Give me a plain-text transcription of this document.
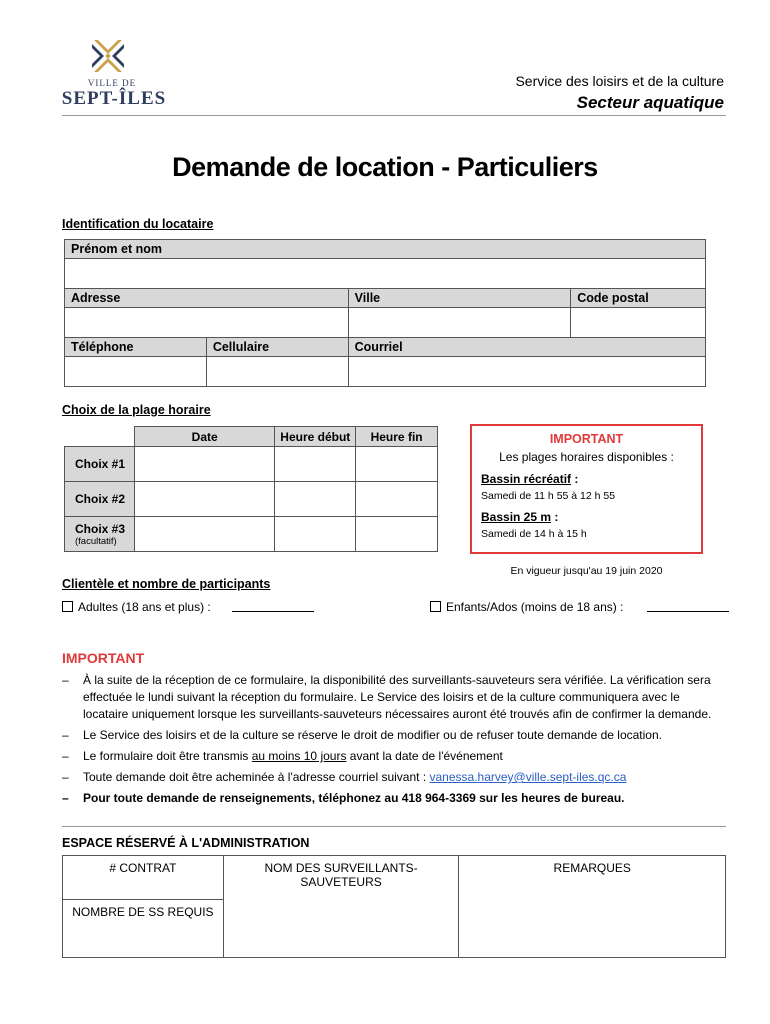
VILLE DE
SEPT-ÎLES
Service des loisirs et de la culture
Secteur aquatique
Demande de location - Particuliers
Identification du locataire
Prénom et nom			

Adresse		Ville	Code postal

Téléphone	Cellulaire	Courriel	

Choix de la plage horaire
	Date	Heure début	Heure fin
Choix #1			
Choix #2			
Choix #3
(facultatif)			

IMPORTANT
Les plages horaires disponibles :
Bassin récréatif :
Samedi de 11 h 55 à 12 h 55
Bassin 25 m :
Samedi de 14 h à 15 h
En vigueur jusqu'au 19 juin 2020
Clientèle et nombre de participants
Adultes (18 ans et plus) :	Enfants/Ados (moins de 18 ans) :
IMPORTANT
– À la suite de la réception de ce formulaire, la disponibilité des surveillants-sauveteurs sera vérifiée. La vérification sera effectuée le lundi suivant la réception du formulaire. Le Service des loisirs et de la culture communiquera avec le locataire uniquement lorsque les surveillants-sauveteurs nécessaires auront été trouvés afin de confirmer la demande.
– Le Service des loisirs et de la culture se réserve le droit de modifier ou de refuser toute demande de location.
– Le formulaire doit être transmis au moins 10 jours avant la date de l'événement
– Toute demande doit être acheminée à l'adresse courriel suivant : vanessa.harvey@ville.sept-iles.qc.ca
– Pour toute demande de renseignements, téléphonez au 418 964-3369 sur les heures de bureau.
ESPACE RÉSERVÉ À L'ADMINISTRATION
# CONTRAT	NOM DES SURVEILLANTS-SAUVETEURS	REMARQUES
NOMBRE DE SS REQUIS
